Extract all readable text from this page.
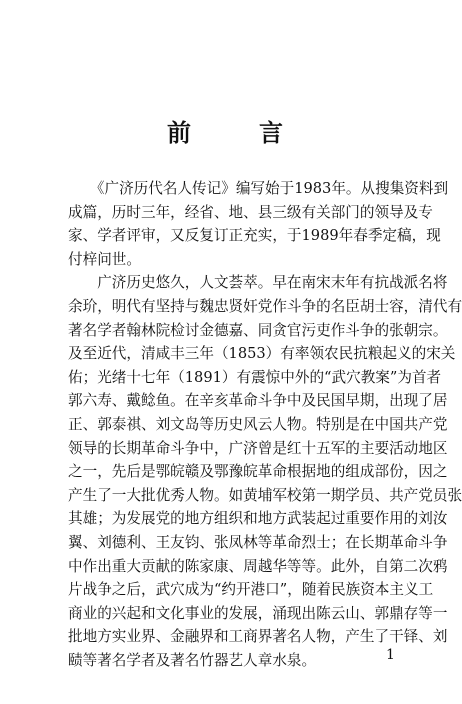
前　言
　　《广济历代名人传记》编写始于1983年。从搜集资料到
成篇，历时三年，经省、地、县三级有关部门的领导及专
家、学者评审，又反复订正充实，于1989年春季定稿，现
付梓问世。
　　广济历史悠久，人文荟萃。早在南宋末年有抗战派名将
余玠，明代有坚持与魏忠贤奸党作斗争的名臣胡士容，清代有
著名学者翰林院检讨金德嘉、同贪官污吏作斗争的张朝宗。
及至近代，清咸丰三年（1853）有率领农民抗粮起义的宋关
佑；光绪十七年（1891）有震惊中外的“武穴教案”为首者
郭六寿、戴鲶鱼。在辛亥革命斗争中及民国早期，出现了居
正、郭泰祺、刘文岛等历史风云人物。特别是在中国共产党
领导的长期革命斗争中，广济曾是红十五军的主要活动地区
之一，先后是鄂皖赣及鄂豫皖革命根据地的组成部份，因之
产生了一大批优秀人物。如黄埔军校第一期学员、共产党员张
其雄；为发展党的地方组织和地方武装起过重要作用的刘汝
翼、刘德利、王友钧、张凤林等革命烈士；在长期革命斗争
中作出重大贡献的陈家康、周越华等等。此外，自第二次鸦
片战争之后，武穴成为“约开港口”，随着民族资本主义工
商业的兴起和文化事业的发展，涌现出陈云山、郭鼎存等一
批地方实业界、金融界和工商界著名人物，产生了干铎、刘
赜等著名学者及著名竹器艺人章水泉。	1
